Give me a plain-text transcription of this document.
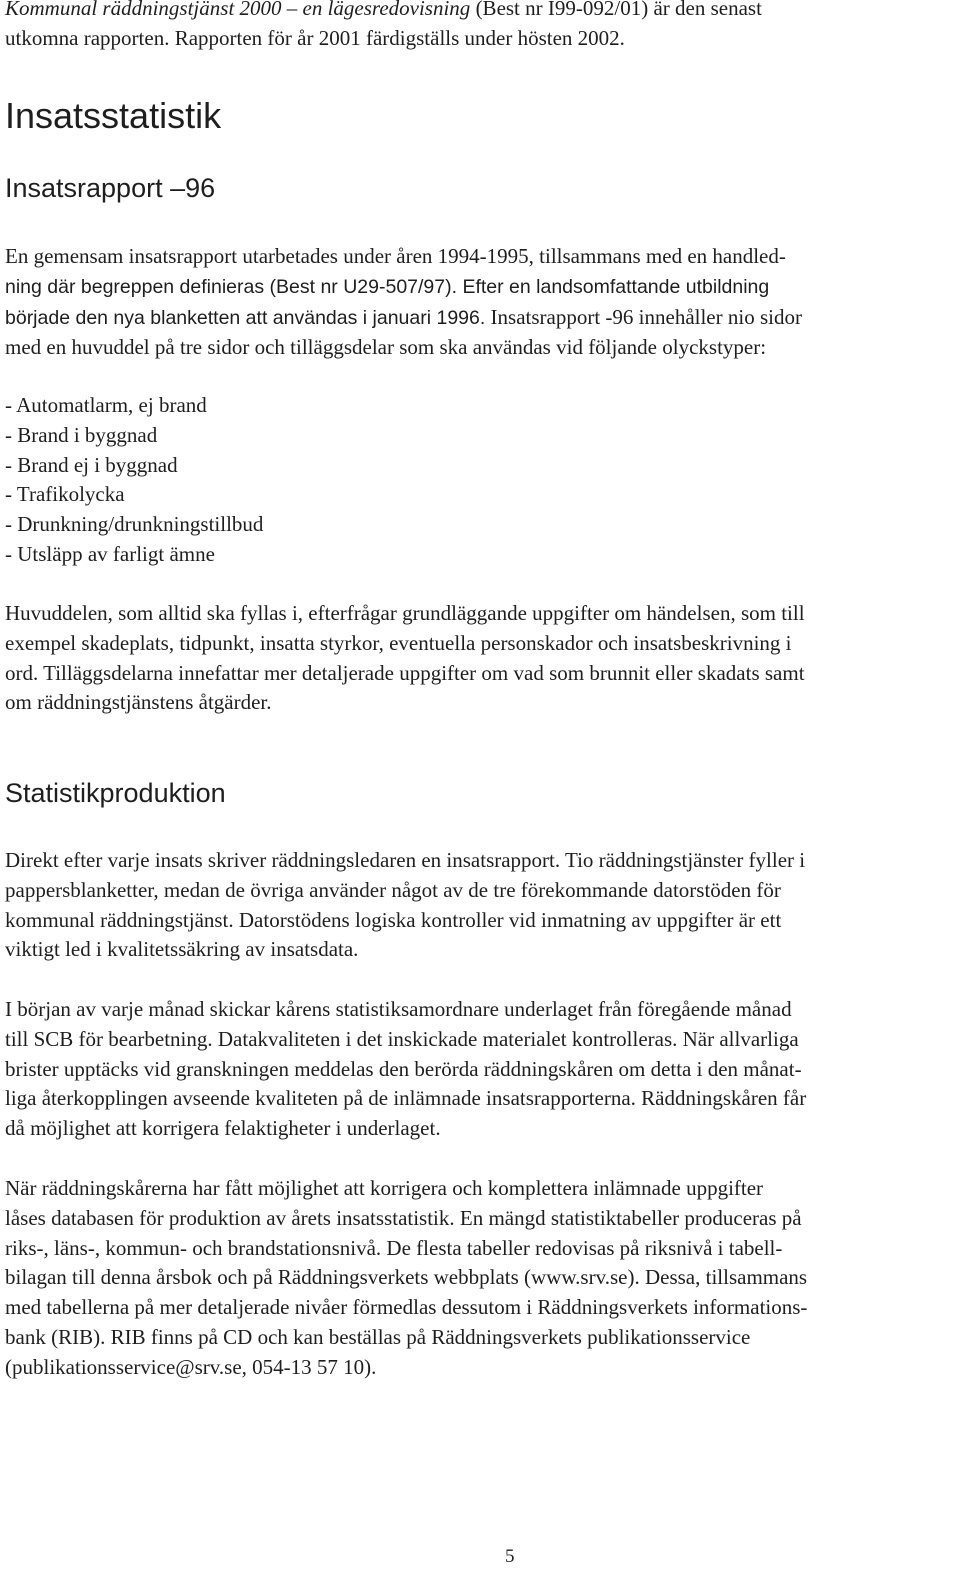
Kommunal räddningstjänst 2000 – en lägesredovisning (Best nr I99-092/01) är den senast
utkomna rapporten. Rapporten för år 2001 färdigställs under hösten 2002.

Insatsstatistik
Insatsrapport –96

En gemensam insatsrapport utarbetades under åren 1994-1995, tillsammans med en handled-
ning där begreppen definieras (Best nr U29-507/97). Efter en landsomfattande utbildning
började den nya blanketten att användas i januari 1996. Insatsrapport -96 innehåller nio sidor
med en huvuddel på tre sidor och tilläggsdelar som ska användas vid följande olyckstyper:

- Automatlarm, ej brand
- Brand i byggnad
- Brand ej i byggnad
- Trafikolycka
- Drunkning/drunkningstillbud
- Utsläpp av farligt ämne

Huvuddelen, som alltid ska fyllas i, efterfrågar grundläggande uppgifter om händelsen, som till
exempel skadeplats, tidpunkt, insatta styrkor, eventuella personskador och insatsbeskrivning i
ord. Tilläggsdelarna innefattar mer detaljerade uppgifter om vad som brunnit eller skadats samt
om räddningstjänstens åtgärder.

Statistikproduktion

Direkt efter varje insats skriver räddningsledaren en insatsrapport. Tio räddningstjänster fyller i
pappersblanketter, medan de övriga använder något av de tre förekommande datorstöden för
kommunal räddningstjänst. Datorstödens logiska kontroller vid inmatning av uppgifter är ett
viktigt led i kvalitetssäkring av insatsdata.

I början av varje månad skickar kårens statistiksamordnare underlaget från föregående månad
till SCB för bearbetning. Datakvaliteten i det inskickade materialet kontrolleras. När allvarliga
brister upptäcks vid granskningen meddelas den berörda räddningskåren om detta i den månat-
liga återkopplingen avseende kvaliteten på de inlämnade insatsrapporterna. Räddningskåren får
då möjlighet att korrigera felaktigheter i underlaget.

När räddningskårerna har fått möjlighet att korrigera och komplettera inlämnade uppgifter
låses databasen för produktion av årets insatsstatistik. En mängd statistiktabeller produceras på
riks-, läns-, kommun- och brandstationsnivå. De flesta tabeller redovisas på riksnivå i tabell-
bilagan till denna årsbok och på Räddningsverkets webbplats (www.srv.se). Dessa, tillsammans
med tabellerna på mer detaljerade nivåer förmedlas dessutom i Räddningsverkets informations-
bank (RIB). RIB finns på CD och kan beställas på Räddningsverkets publikationsservice
(publikationsservice@srv.se, 054-13 57 10).

5
